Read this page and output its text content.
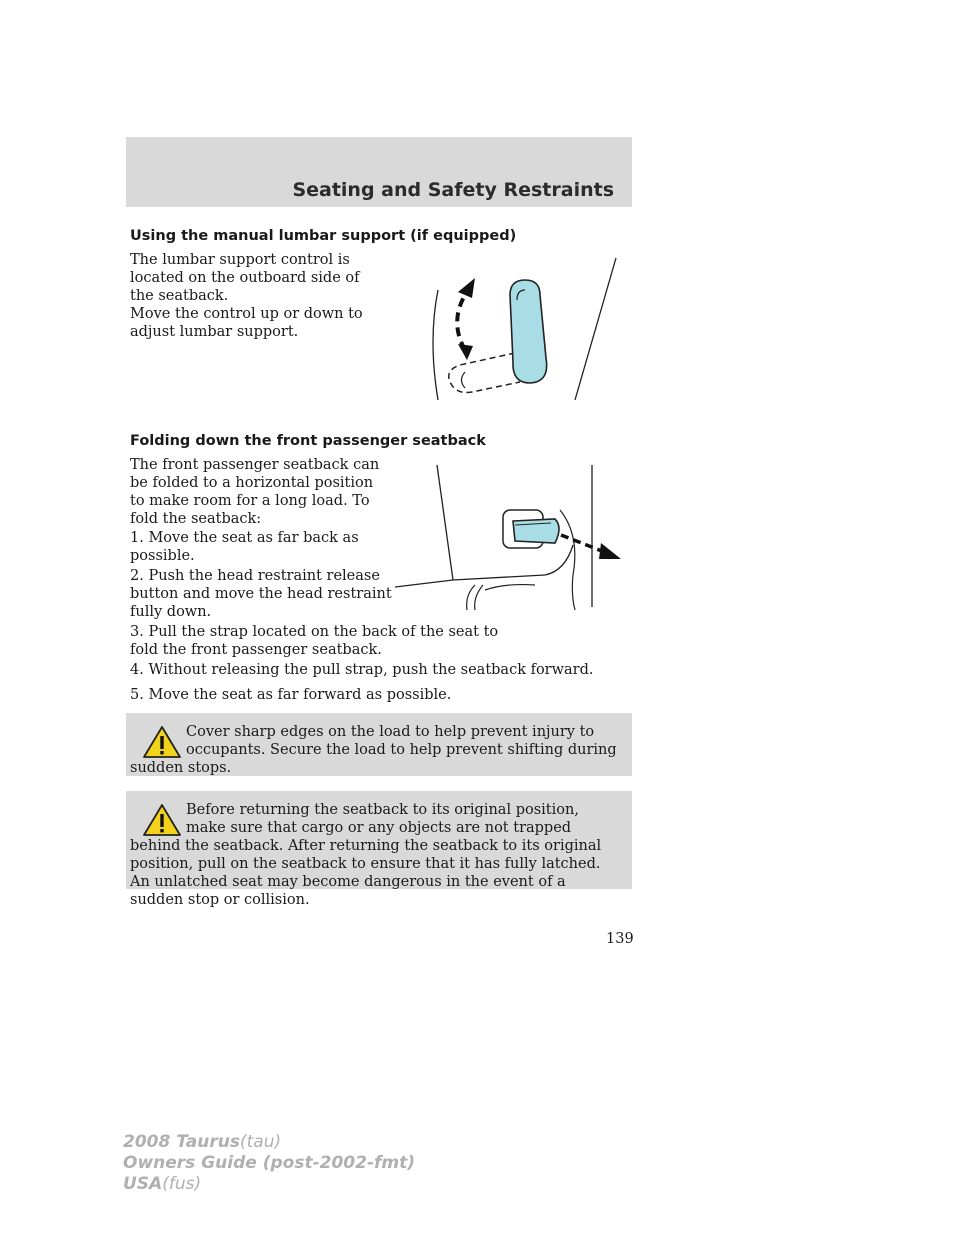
Seating and Safety Restraints
Using the manual lumbar support (if equipped)

The lumbar support control is located on the outboard side of the seatback.

Move the control up or down to adjust lumbar support.

Folding down the front passenger seatback

The front passenger seatback can be folded to a horizontal position to make room for a long load. To fold the seatback:

1. Move the seat as far back as possible.

2. Push the head restraint release button and move the head restraint fully down.

3. Pull the strap located on the back of the seat to fold the front passenger seatback.

4. Without releasing the pull strap, push the seatback forward.

5. Move the seat as far forward as possible.

Cover sharp edges on the load to help prevent injury to occupants. Secure the load to help prevent shifting during sudden stops.

Before returning the seatback to its original position, make sure that cargo or any objects are not trapped behind the seatback. After returning the seatback to its original position, pull on the seatback to ensure that it has fully latched. An unlatched seat may become dangerous in the event of a sudden stop or collision.

139
2008 Taurus(tau)
Owners Guide (post-2002-fmt)
USA(fus)
